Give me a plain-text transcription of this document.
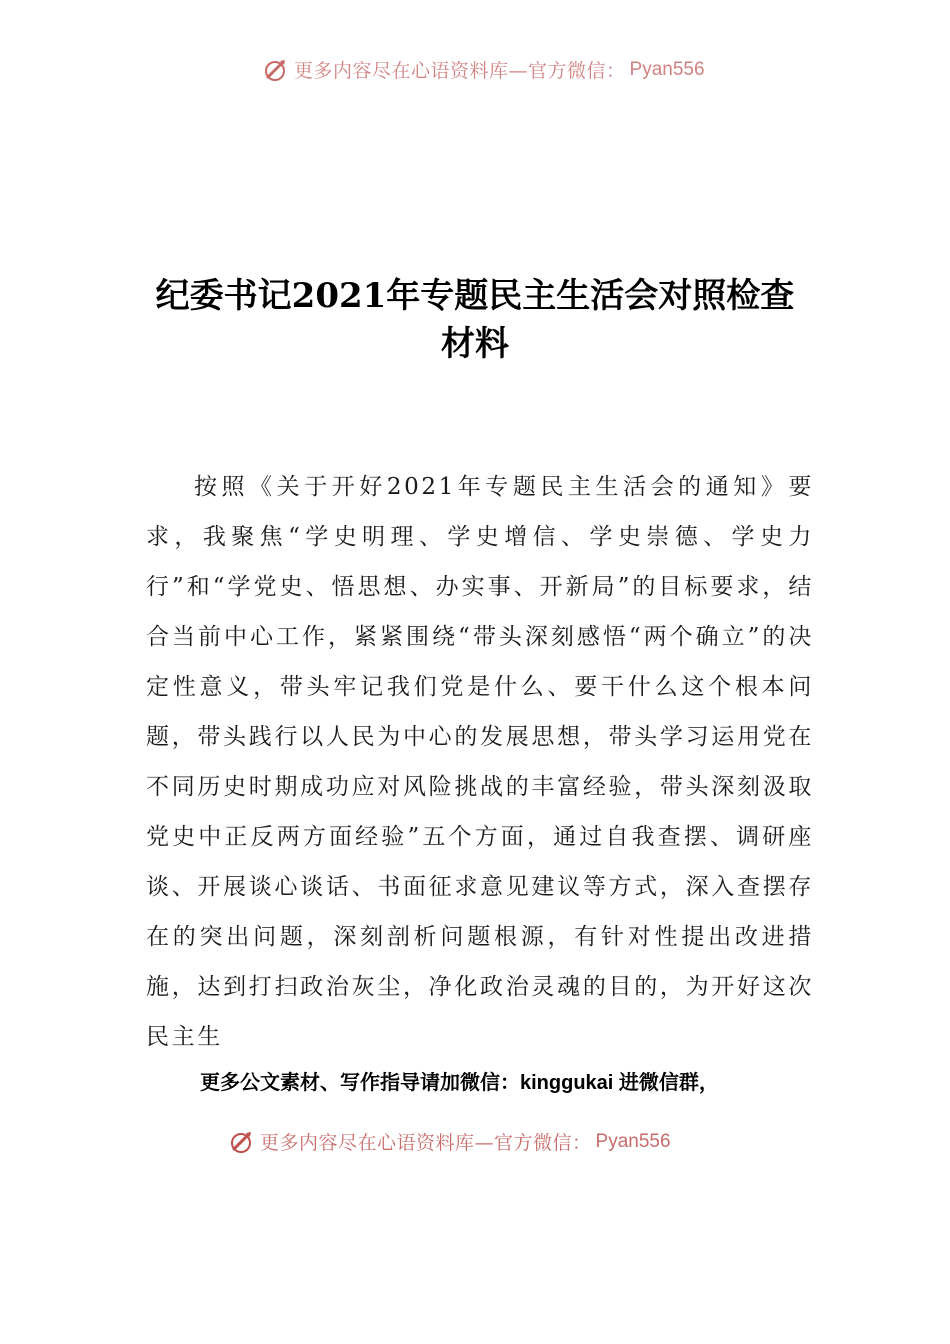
更多内容尽在心语资料库—官方微信： Pyan556
纪委书记2021年专题民主生活会对照检查
材料

按照《关于开好2021年专题民主生活会的通知》要求，我聚焦“学史明理、学史增信、学史崇德、学史力行”和“学党史、悟思想、办实事、开新局”的目标要求，结合当前中心工作，紧紧围绕“带头深刻感悟“两个确立”的决定性意义，带头牢记我们党是什么、要干什么这个根本问题，带头践行以人民为中心的发展思想，带头学习运用党在不同历史时期成功应对风险挑战的丰富经验，带头深刻汲取党史中正反两方面经验”五个方面，通过自我查摆、调研座谈、开展谈心谈话、书面征求意见建议等方式，深入查摆存在的突出问题，深刻剖析问题根源，有针对性提出改进措施，达到打扫政治灰尘，净化政治灵魂的目的，为开好这次民主生

更多公文素材、写作指导请加微信：kinggukai 进微信群，
更多内容尽在心语资料库—官方微信： Pyan556
